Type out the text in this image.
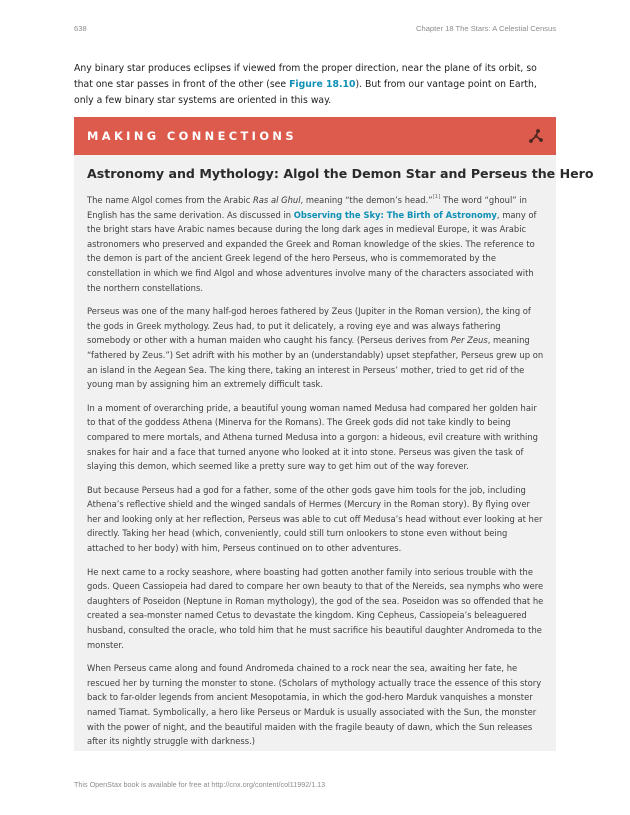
638	Chapter 18 The Stars: A Celestial Census

Any binary star produces eclipses if viewed from the proper direction, near the plane of its orbit, so that one star passes in front of the other (see Figure 18.10). But from our vantage point on Earth, only a few binary star systems are oriented in this way.

MAKING CONNECTIONS
Astronomy and Mythology: Algol the Demon Star and Perseus the Hero

The name Algol comes from the Arabic Ras al Ghul, meaning “the demon’s head.”[1] The word “ghoul” in English has the same derivation. As discussed in Observing the Sky: The Birth of Astronomy, many of the bright stars have Arabic names because during the long dark ages in medieval Europe, it was Arabic astronomers who preserved and expanded the Greek and Roman knowledge of the skies. The reference to the demon is part of the ancient Greek legend of the hero Perseus, who is commemorated by the constellation in which we find Algol and whose adventures involve many of the characters associated with the northern constellations.

Perseus was one of the many half-god heroes fathered by Zeus (Jupiter in the Roman version), the king of the gods in Greek mythology. Zeus had, to put it delicately, a roving eye and was always fathering somebody or other with a human maiden who caught his fancy. (Perseus derives from Per Zeus, meaning “fathered by Zeus.”) Set adrift with his mother by an (understandably) upset stepfather, Perseus grew up on an island in the Aegean Sea. The king there, taking an interest in Perseus’ mother, tried to get rid of the young man by assigning him an extremely difficult task.

In a moment of overarching pride, a beautiful young woman named Medusa had compared her golden hair to that of the goddess Athena (Minerva for the Romans). The Greek gods did not take kindly to being compared to mere mortals, and Athena turned Medusa into a gorgon: a hideous, evil creature with writhing snakes for hair and a face that turned anyone who looked at it into stone. Perseus was given the task of slaying this demon, which seemed like a pretty sure way to get him out of the way forever.

But because Perseus had a god for a father, some of the other gods gave him tools for the job, including Athena’s reflective shield and the winged sandals of Hermes (Mercury in the Roman story). By flying over her and looking only at her reflection, Perseus was able to cut off Medusa’s head without ever looking at her directly. Taking her head (which, conveniently, could still turn onlookers to stone even without being attached to her body) with him, Perseus continued on to other adventures.

He next came to a rocky seashore, where boasting had gotten another family into serious trouble with the gods. Queen Cassiopeia had dared to compare her own beauty to that of the Nereids, sea nymphs who were daughters of Poseidon (Neptune in Roman mythology), the god of the sea. Poseidon was so offended that he created a sea-monster named Cetus to devastate the kingdom. King Cepheus, Cassiopeia’s beleaguered husband, consulted the oracle, who told him that he must sacrifice his beautiful daughter Andromeda to the monster.

When Perseus came along and found Andromeda chained to a rock near the sea, awaiting her fate, he rescued her by turning the monster to stone. (Scholars of mythology actually trace the essence of this story back to far-older legends from ancient Mesopotamia, in which the god-hero Marduk vanquishes a monster named Tiamat. Symbolically, a hero like Perseus or Marduk is usually associated with the Sun, the monster with the power of night, and the beautiful maiden with the fragile beauty of dawn, which the Sun releases after its nightly struggle with darkness.)

This OpenStax book is available for free at http://cnx.org/content/col11992/1.13
